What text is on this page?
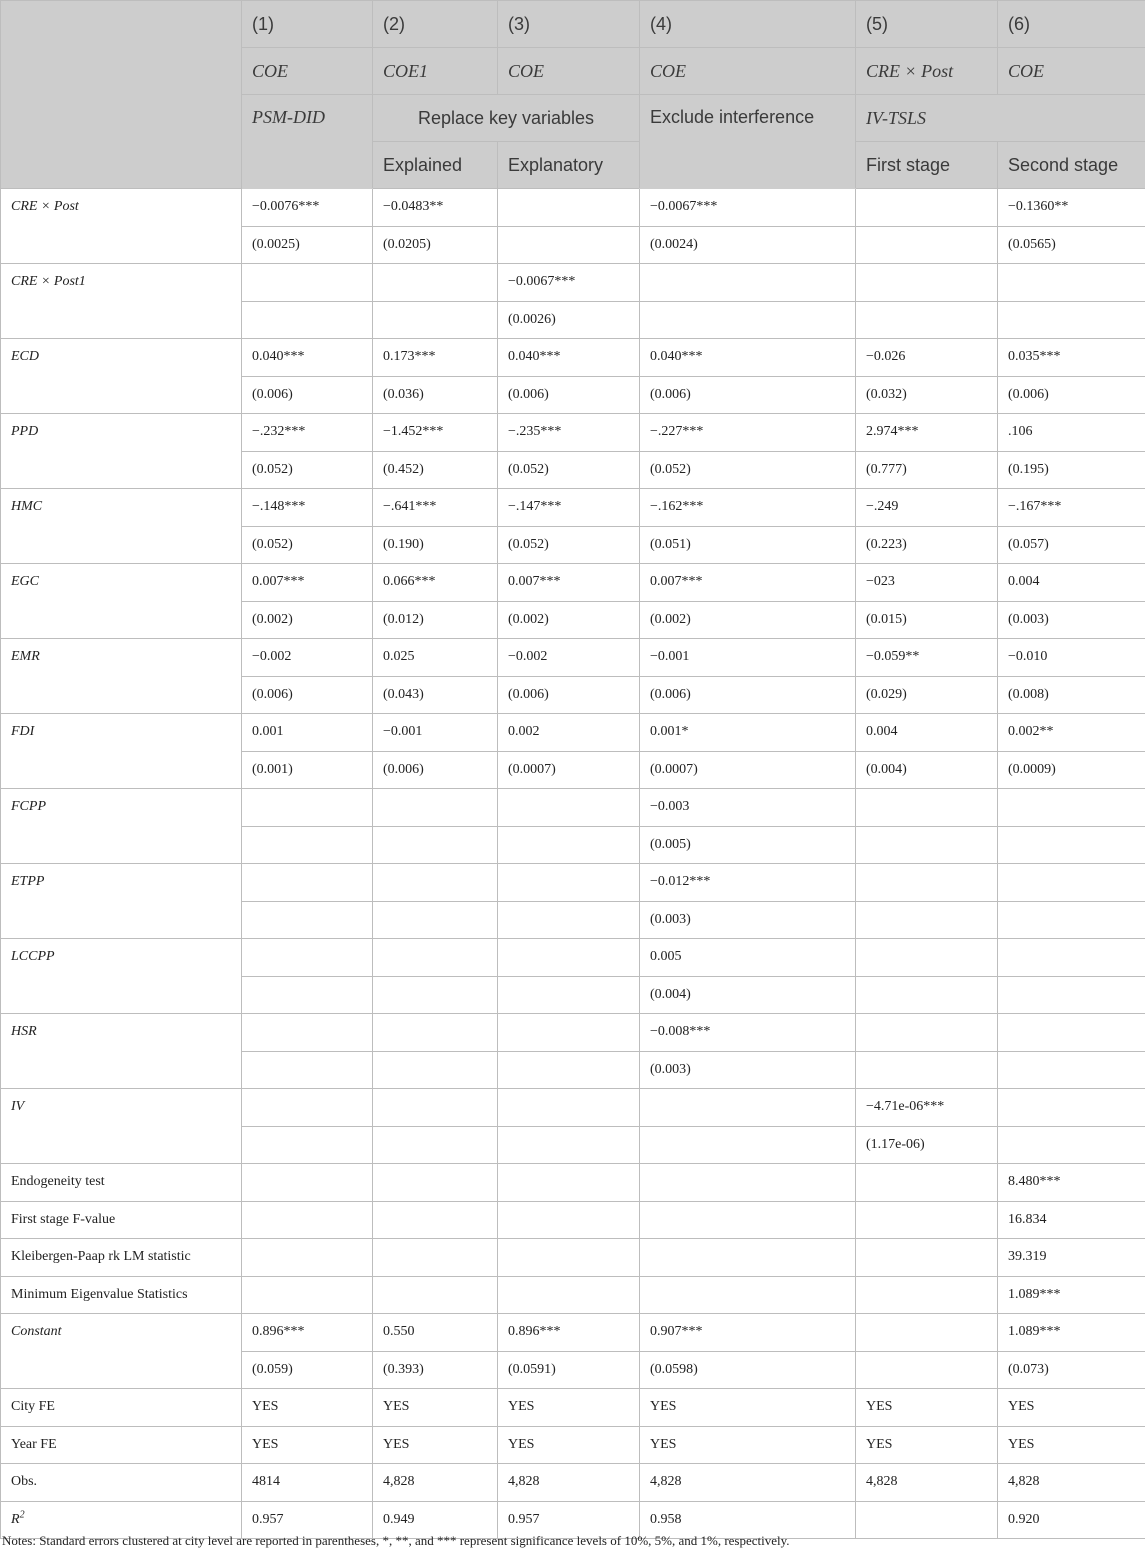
	(1)	(2)	(3)	(4)	(5)	(6)
	COE	COE1	COE	COE	CRE × Post	COE
	PSM-DID	Replace key variables		Exclude interference	IV-TSLS	
		Explained	Explanatory		First stage	Second stage
CRE × Post	−0.0076***	−0.0483**		−0.0067***		−0.1360**
	(0.0025)	(0.0205)		(0.0024)		(0.0565)
CRE × Post1			−0.0067***			
			(0.0026)			
ECD	0.040***	0.173***	0.040***	0.040***	−0.026	0.035***
	(0.006)	(0.036)	(0.006)	(0.006)	(0.032)	(0.006)
PPD	−.232***	−1.452***	−.235***	−.227***	2.974***	.106
	(0.052)	(0.452)	(0.052)	(0.052)	(0.777)	(0.195)
HMC	−.148***	−.641***	−.147***	−.162***	−.249	−.167***
	(0.052)	(0.190)	(0.052)	(0.051)	(0.223)	(0.057)
EGC	0.007***	0.066***	0.007***	0.007***	−023	0.004
	(0.002)	(0.012)	(0.002)	(0.002)	(0.015)	(0.003)
EMR	−0.002	0.025	−0.002	−0.001	−0.059**	−0.010
	(0.006)	(0.043)	(0.006)	(0.006)	(0.029)	(0.008)
FDI	0.001	−0.001	0.002	0.001*	0.004	0.002**
	(0.001)	(0.006)	(0.0007)	(0.0007)	(0.004)	(0.0009)
FCPP				−0.003		
				(0.005)		
ETPP				−0.012***		
				(0.003)		
LCCPP				0.005		
				(0.004)		
HSR				−0.008***		
				(0.003)		
IV					−4.71e-06***	
					(1.17e-06)	
Endogeneity test						8.480***
First stage F-value						16.834
Kleibergen-Paap rk LM statistic						39.319
Minimum Eigenvalue Statistics						1.089***
Constant	0.896***	0.550	0.896***	0.907***		1.089***
	(0.059)	(0.393)	(0.0591)	(0.0598)		(0.073)
City FE	YES	YES	YES	YES	YES	YES
Year FE	YES	YES	YES	YES	YES	YES
Obs.	4814	4,828	4,828	4,828	4,828	4,828
$R^2$	0.957	0.949	0.957	0.958		0.920
Notes: Standard errors clustered at city level are reported in parentheses, *, **, and *** represent significance levels of 10%, 5%, and 1%, respectively.
